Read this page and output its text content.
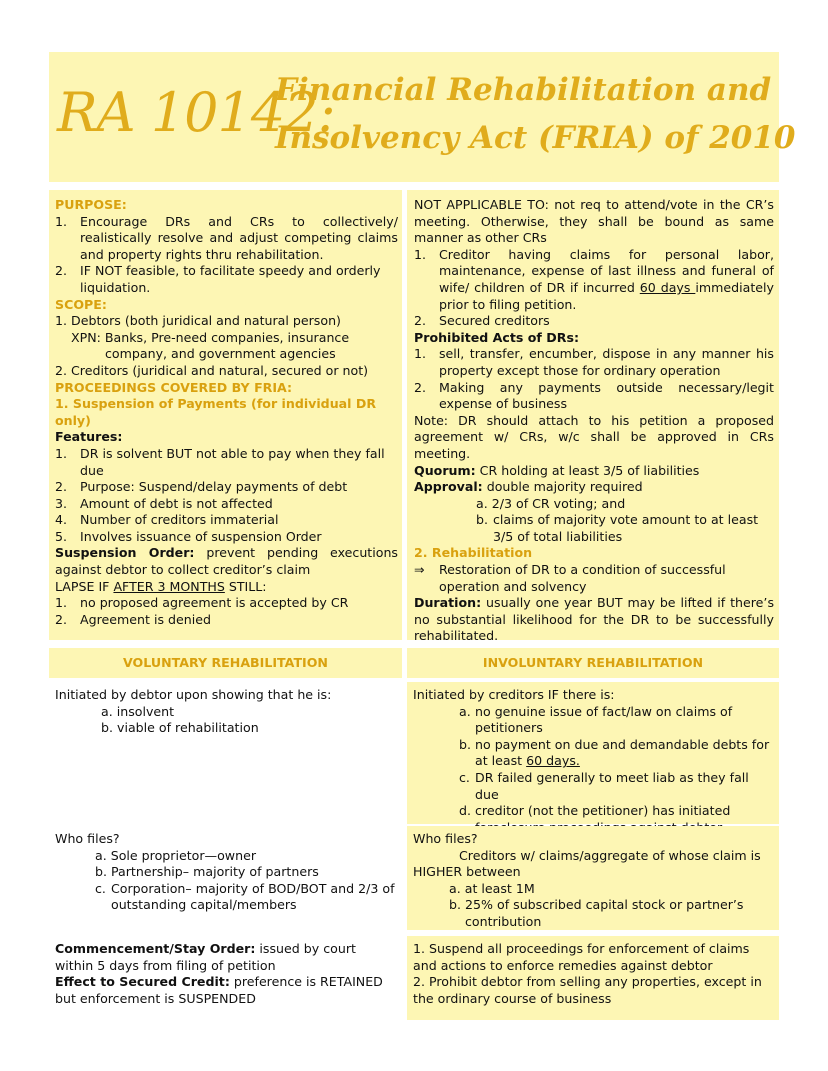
RA 10142:
Financial Rehabilitation and
Insolvency Act (FRIA) of 2010
PURPOSE:
1. Encourage DRs and CRs to collectively/ realistically resolve and adjust competing claims and property rights thru rehabilitation.
2. IF NOT feasible, to facilitate speedy and orderly liquidation.
SCOPE:
1. Debtors (both juridical and natural person)
XPN: Banks, Pre-need companies, insurance
company, and government agencies
2. Creditors (juridical and natural, secured or not)
PROCEEDINGS COVERED BY FRIA:
1. Suspension of Payments (for individual DR only)
Features:
1. DR is solvent BUT not able to pay when they fall due
2. Purpose: Suspend/delay payments of debt
3. Amount of debt is not affected
4. Number of creditors immaterial
5. Involves issuance of suspension Order

Suspension Order: prevent pending executions against debtor to collect creditor’s claim

LAPSE IF AFTER 3 MONTHS STILL:

1. no proposed agreement is accepted by CR
2. Agreement is denied

NOT APPLICABLE TO: not req to attend/vote in the CR’s meeting. Otherwise, they shall be bound as same manner as other CRs

1. Creditor having claims for personal labor, maintenance, expense of last illness and funeral of wife/ children of DR if incurred 60 days immediately prior to filing petition.
2. Secured creditors
Prohibited Acts of DRs:
1. sell, transfer, encumber, dispose in any manner his property except those for ordinary operation
2. Making any payments outside necessary/legit expense of business

Note: DR should attach to his petition a proposed agreement w/ CRs, w/c shall be approved in CRs meeting.

Quorum: CR holding at least 3/5 of liabilities

Approval: double majority required

a. 2/3 of CR voting; and
b. claims of majority vote amount to at least 3/5 of total liabilities
2. Rehabilitation
⇒ Restoration of DR to a condition of successful operation and solvency

Duration: usually one year BUT may be lifted if there’s no substantial likelihood for the DR to be successfully rehabilitated.

VOLUNTARY REHABILITATION	INVOLUNTARY REHABILITATION
Initiated by debtor upon showing that he is:
a. insolvent
b. viable of rehabilitation
Initiated by creditors IF there is:
a. no genuine issue of fact/law on claims of petitioners
b. no payment on due and demandable debts for at least 60 days.
c. DR failed generally to meet liab as they fall due
d. creditor (not the petitioner) has initiated
Who files?
a. Sole proprietor—owner
b. Partnership– majority of partners
c. Corporation– majority of BOD/BOT and 2/3 of outstanding capital/members
Who files?
Creditors w/ claims/aggregate of whose claim is HIGHER between
a. at least 1M
b. 25% of subscribed capital stock or partner’s contribution

Commencement/Stay Order: issued by court within 5 days from filing of petition

Effect to Secured Credit: preference is RETAINED but enforcement is SUSPENDED

1. Suspend all proceedings for enforcement of claims and actions to enforce remedies against debtor

2. Prohibit debtor from selling any properties, except in the ordinary course of business
